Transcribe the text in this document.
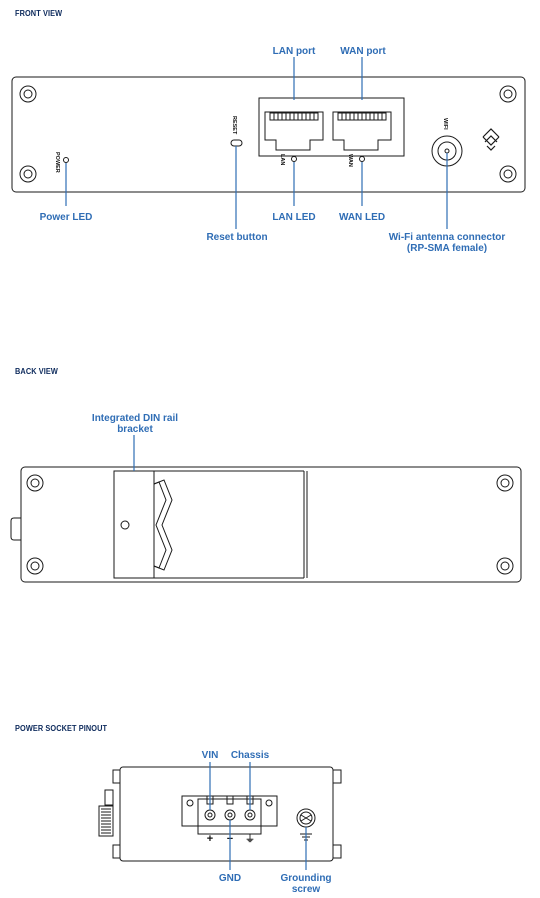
FRONT VIEW
BACK VIEW
POWER SOCKET PINOUT
POWER
RESET
LAN	WAN
WIFI
LAN port WAN port
Power LED	LAN LED WAN LED
Reset button	Wi-Fi antenna connector
(RP-SMA female)
Integrated DIN rail
bracket
+ − ⏚
VIN Chassis
GND	Grounding
screw
